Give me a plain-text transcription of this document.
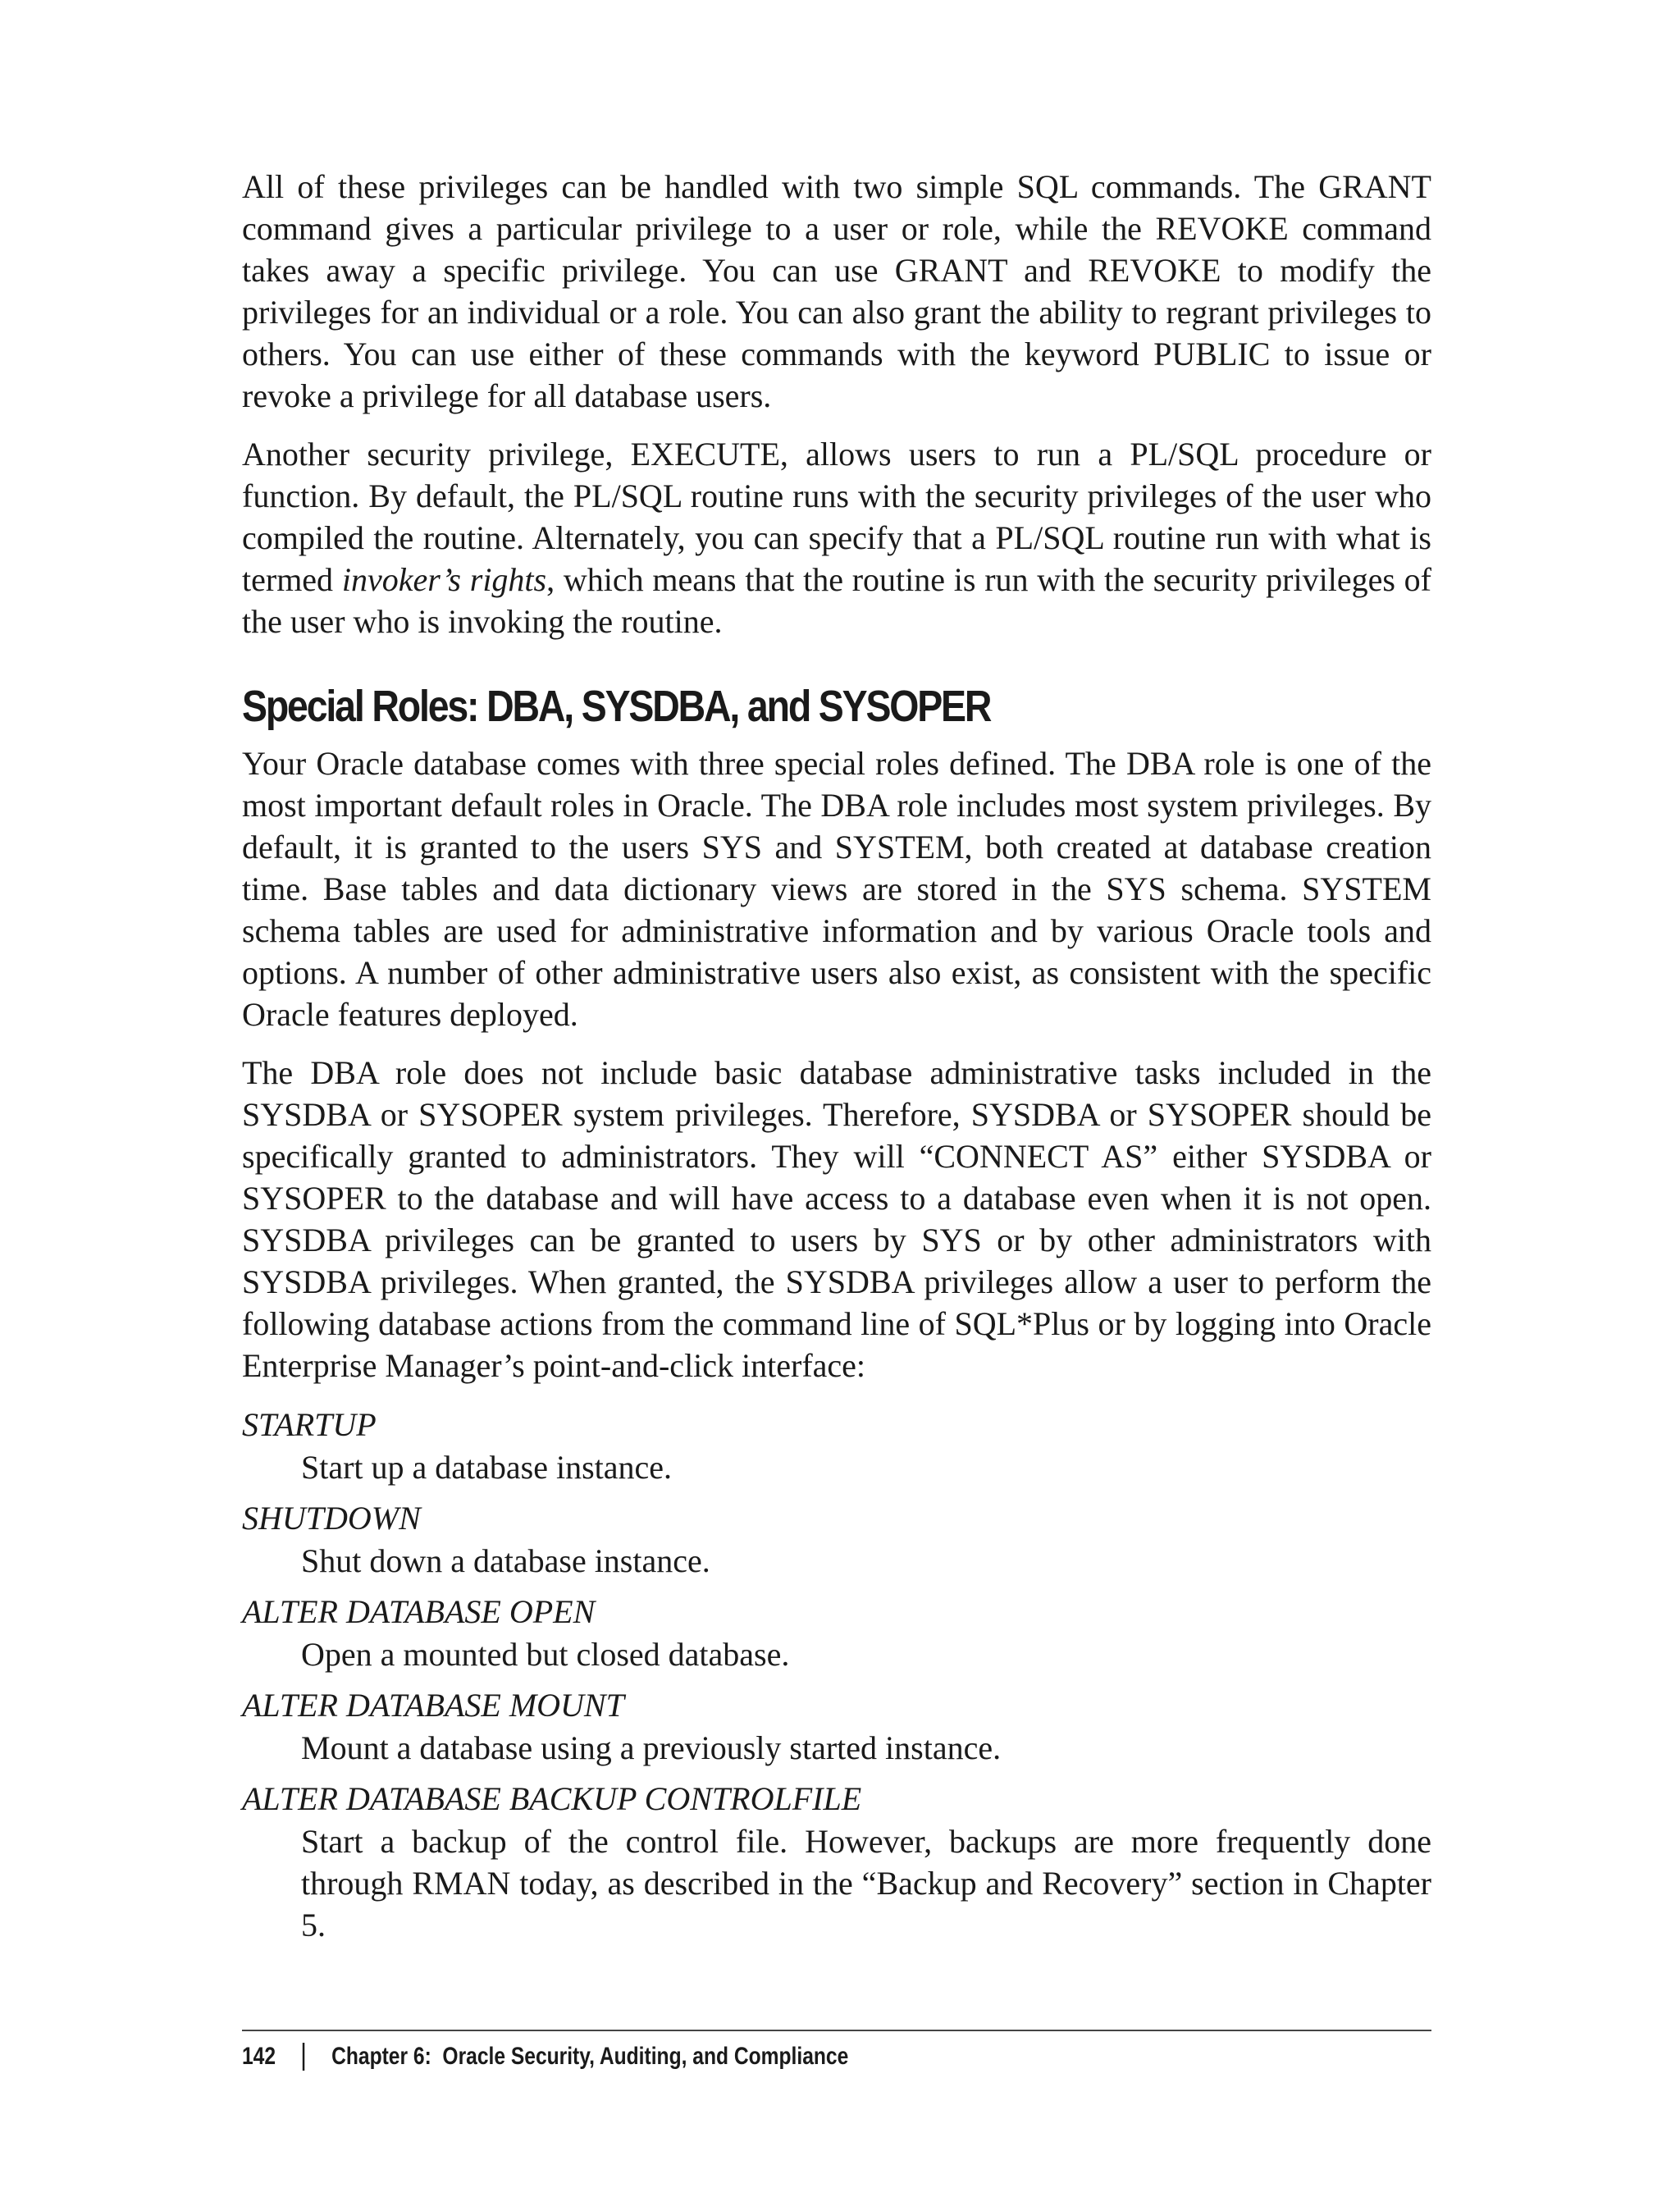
All of these privileges can be handled with two simple SQL commands. The GRANT command gives a particular privilege to a user or role, while the REVOKE command takes away a specific privilege. You can use GRANT and REVOKE to modify the privileges for an individual or a role. You can also grant the ability to regrant privileges to others. You can use either of these commands with the keyword PUBLIC to issue or revoke a privilege for all database users.

Another security privilege, EXECUTE, allows users to run a PL/SQL procedure or function. By default, the PL/SQL routine runs with the security privileges of the user who compiled the routine. Alternately, you can specify that a PL/SQL routine run with what is termed invoker’s rights, which means that the routine is run with the security privileges of the user who is invoking the routine.

Special Roles: DBA, SYSDBA, and SYSOPER

Your Oracle database comes with three special roles defined. The DBA role is one of the most important default roles in Oracle. The DBA role includes most system privileges. By default, it is granted to the users SYS and SYSTEM, both created at database creation time. Base tables and data dictionary views are stored in the SYS schema. SYSTEM schema tables are used for administrative information and by various Oracle tools and options. A number of other administrative users also exist, as consistent with the specific Oracle features deployed.

The DBA role does not include basic database administrative tasks included in the SYSDBA or SYSOPER system privileges. Therefore, SYSDBA or SYSOPER should be specifically granted to administrators. They will “CONNECT AS” either SYSDBA or SYSOPER to the database and will have access to a database even when it is not open. SYSDBA privileges can be granted to users by SYS or by other administrators with SYSDBA privileges. When granted, the SYSDBA privileges allow a user to perform the following database actions from the command line of SQL*Plus or by logging into Oracle Enterprise Manager’s point-and-click interface:

STARTUP
Start up a database instance.
SHUTDOWN
Shut down a database instance.
ALTER DATABASE OPEN
Open a mounted but closed database.
ALTER DATABASE MOUNT
Mount a database using a previously started instance.
ALTER DATABASE BACKUP CONTROLFILE
Start a backup of the control file. However, backups are more frequently done through RMAN today, as described in the “Backup and Recovery” section in Chapter 5.
142 Chapter 6:  Oracle Security, Auditing, and Compliance
